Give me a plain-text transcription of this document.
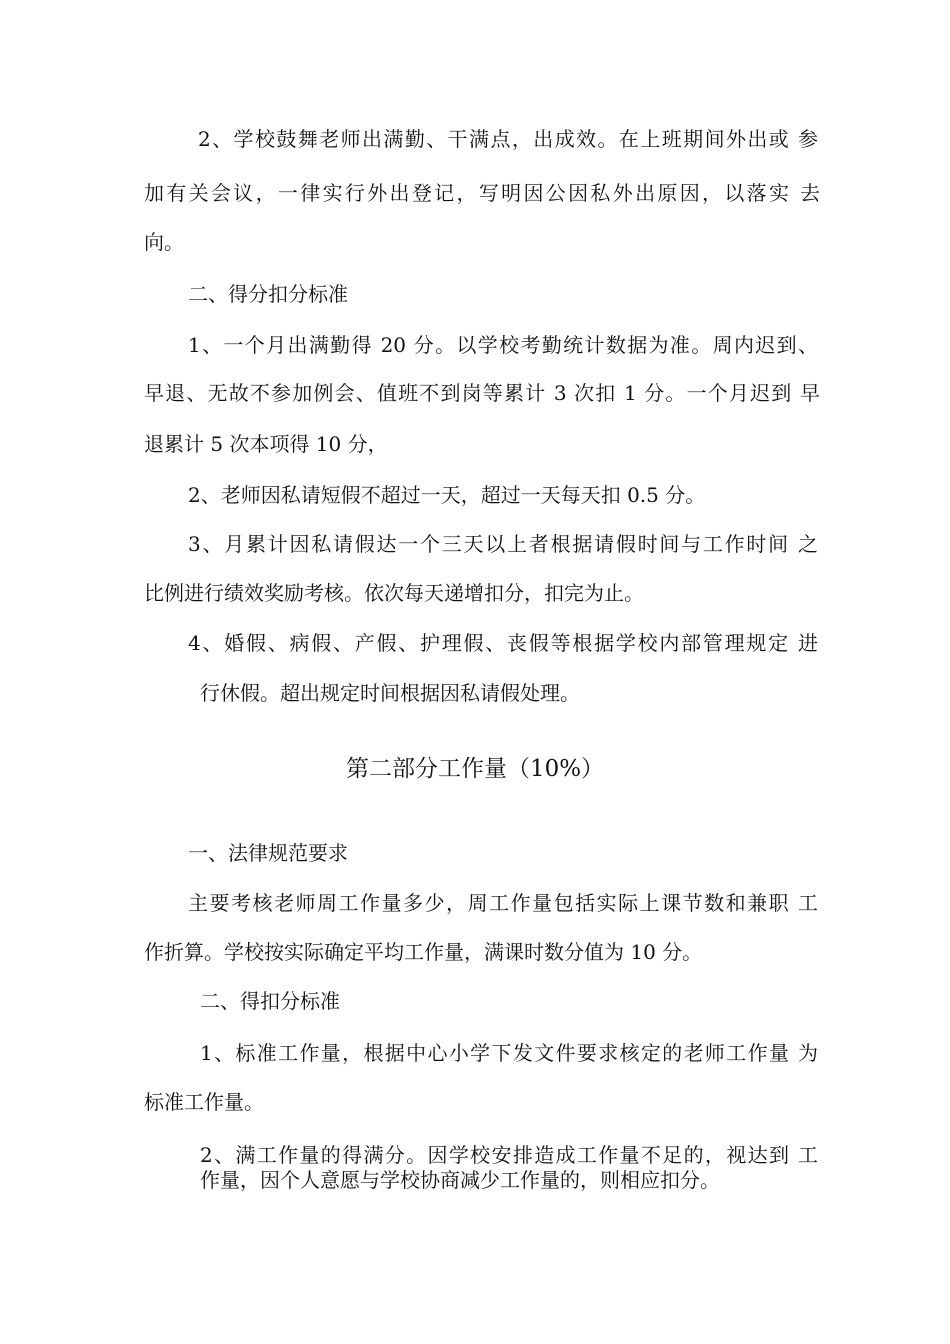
2、学校鼓舞老师出满勤、干满点，出成效。在上班期间外出或 参
加有关会议，一律实行外出登记，写明因公因私外出原因，以落实 去
向。
二、得分扣分标准
1、一个月出满勤得 20 分。以学校考勤统计数据为准。周内迟到、
早退、无故不参加例会、值班不到岗等累计 3 次扣 1 分。一个月迟到 早
退累计 5 次本项得 10 分，
2、老师因私请短假不超过一天，超过一天每天扣 0.5 分。
3、月累计因私请假达一个三天以上者根据请假时间与工作时间 之
比例进行绩效奖励考核。依次每天递增扣分，扣完为止。
4、婚假、病假、产假、护理假、丧假等根据学校内部管理规定 进
行休假。超出规定时间根据因私请假处理。
第二部分工作量（10%）
一、法律规范要求
主要考核老师周工作量多少，周工作量包括实际上课节数和兼职 工
作折算。学校按实际确定平均工作量，满课时数分值为 10 分。
二、得扣分标准
1、标准工作量，根据中心小学下发文件要求核定的老师工作量 为
标准工作量。
2、满工作量的得满分。因学校安排造成工作量不足的，视达到 工
作量，因个人意愿与学校协商减少工作量的，则相应扣分。
